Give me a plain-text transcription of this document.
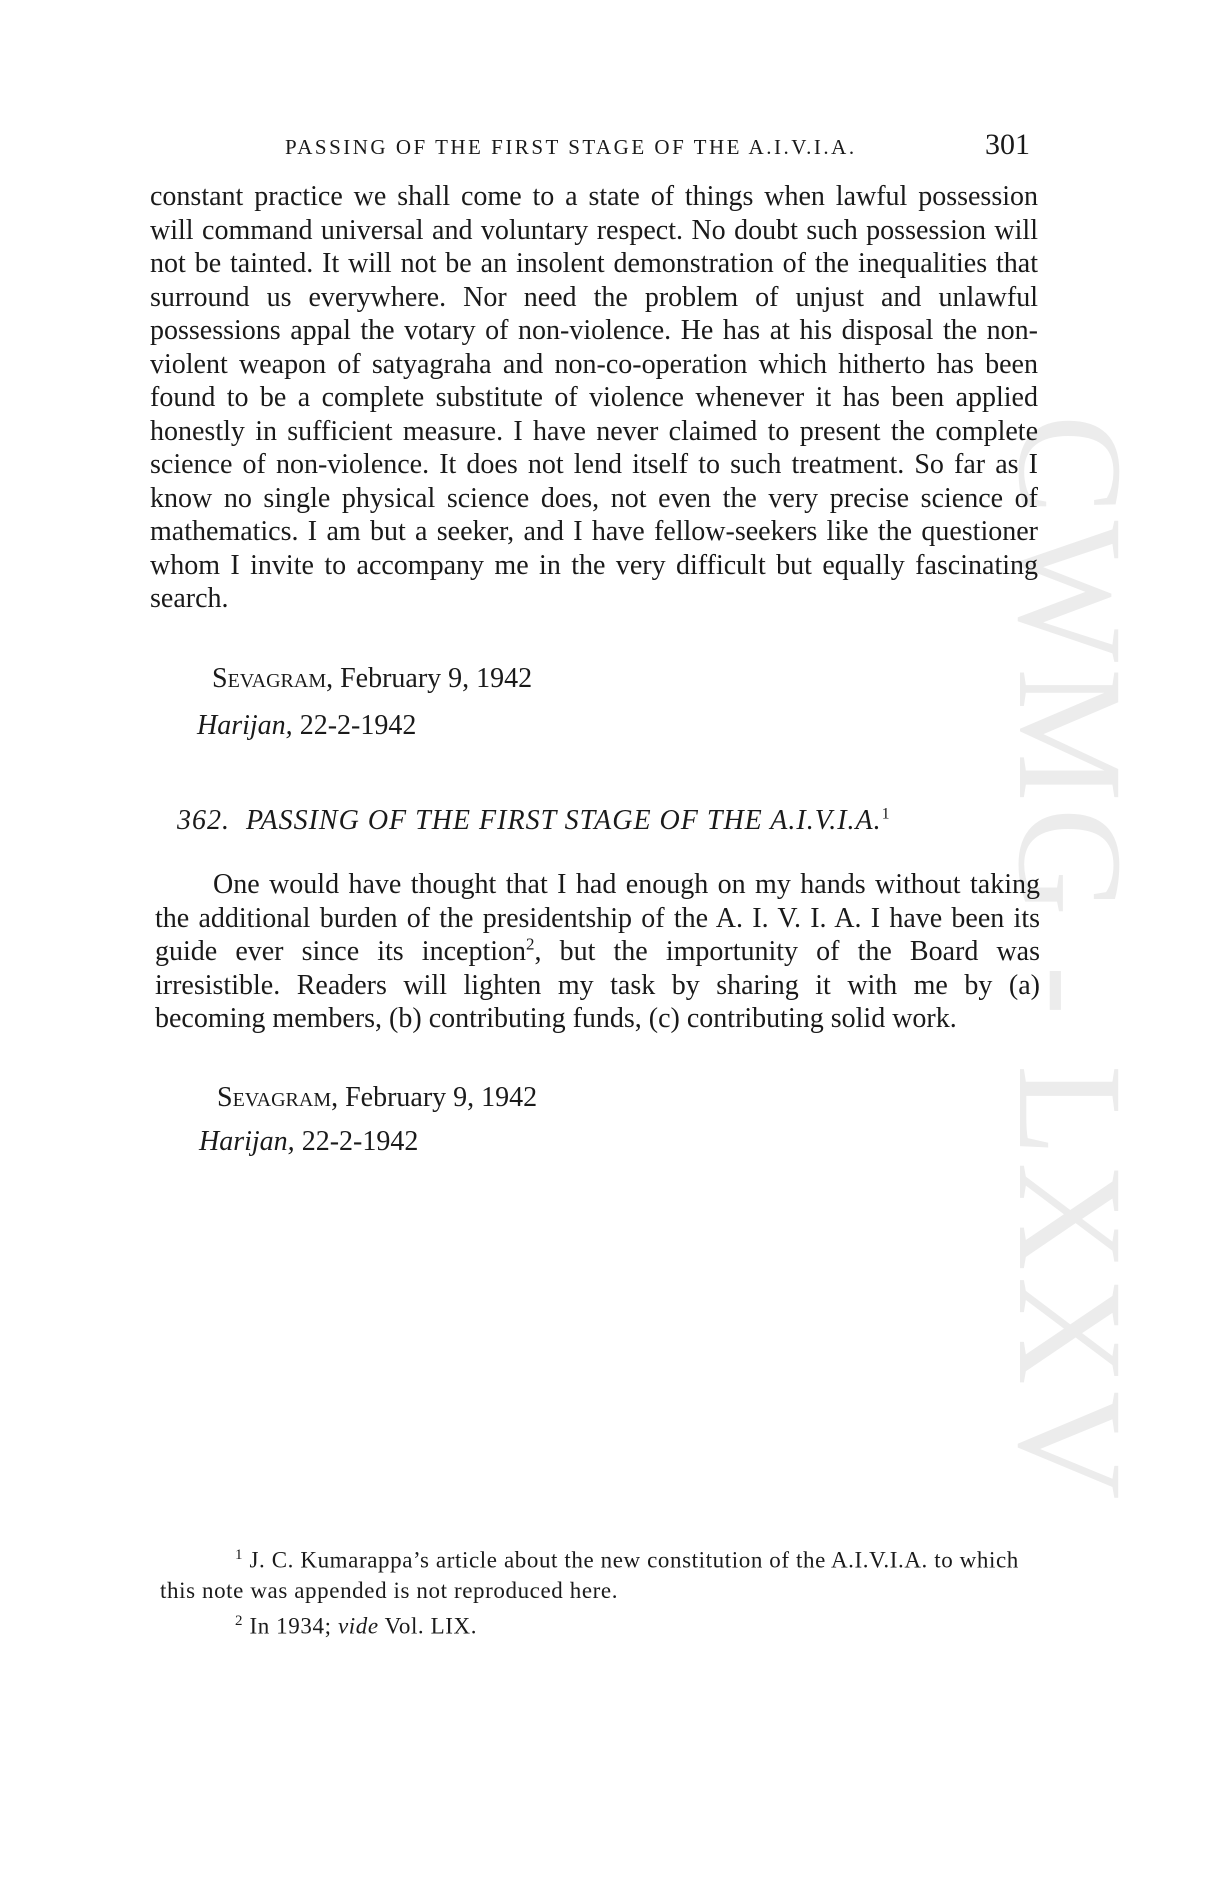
CWMG - LXXV
PASSING OF THE FIRST STAGE OF THE A.I.V.I.A.	301

constant practice we shall come to a state of things when lawful possession will command universal and voluntary respect. No doubt such possession will not be tainted. It will not be an insolent demonstration of the inequalities that surround us everywhere. Nor need the problem of unjust and unlawful possessions appal the votary of non-violence. He has at his disposal the non-violent weapon of satyagraha and non-co-operation which hitherto has been found to be a complete substitute of violence whenever it has been applied honestly in sufficient measure. I have never claimed to present the complete science of non-violence. It does not lend itself to such treatment. So far as I know no single physical science does, not even the very precise science of mathematics. I am but a seeker, and I have fellow-seekers like the questioner whom I invite to accompany me in the very difficult but equally fascinating search.

Sevagram, February 9, 1942
Harijan, 22-2-1942
362. PASSING OF THE FIRST STAGE OF THE A.I.V.I.A.$^1$

One would have thought that I had enough on my hands without taking the additional burden of the presidentship of the A. I. V. I. A. I have been its guide ever since its inception$^2$, but the importunity of the Board was irresistible. Readers will lighten my task by sharing it with me by (a) becoming members, (b) contributing funds, (c) contributing solid work.

Sevagram, February 9, 1942
Harijan, 22-2-1942

$^1$ J. C. Kumarappa’s article about the new constitution of the A.I.V.I.A. to which this note was appended is not reproduced here.

$^2$ In 1934; vide Vol. LIX.
